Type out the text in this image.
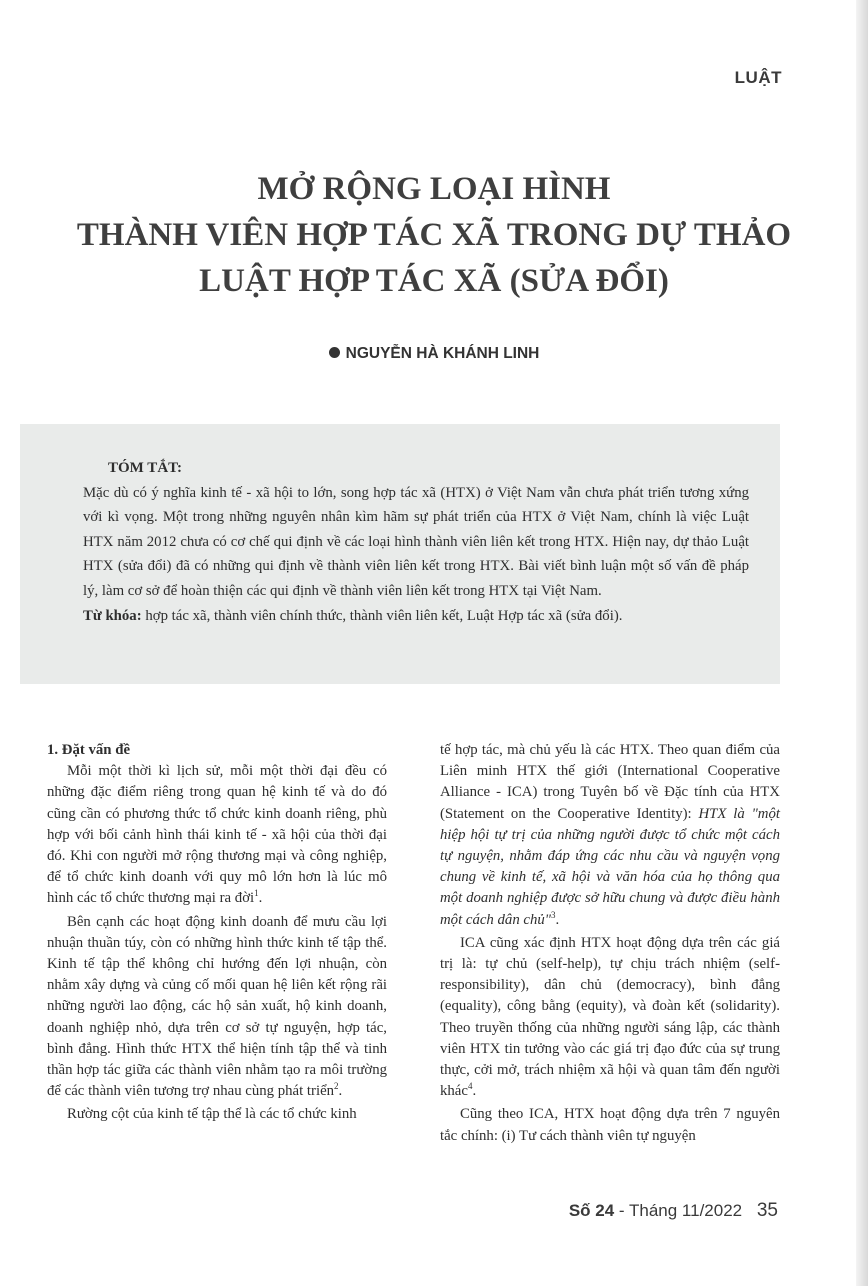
LUẬT
MỞ RỘNG LOẠI HÌNH
THÀNH VIÊN HỢP TÁC XÃ TRONG DỰ THẢO
LUẬT HỢP TÁC XÃ (SỬA ĐỔI)
NGUYỄN HÀ KHÁNH LINH
TÓM TẮT:

Mặc dù có ý nghĩa kinh tế - xã hội to lớn, song hợp tác xã (HTX) ở Việt Nam vẫn chưa phát triển tương xứng với kì vọng. Một trong những nguyên nhân kìm hãm sự phát triển của HTX ở Việt Nam, chính là việc Luật HTX năm 2012 chưa có cơ chế qui định về các loại hình thành viên liên kết trong HTX. Hiện nay, dự thảo Luật HTX (sửa đổi) đã có những qui định về thành viên liên kết trong HTX. Bài viết bình luận một số vấn đề pháp lý, làm cơ sở để hoàn thiện các qui định về thành viên liên kết trong HTX tại Việt Nam.

Từ khóa: hợp tác xã, thành viên chính thức, thành viên liên kết, Luật Hợp tác xã (sửa đổi).

1. Đặt vấn đề

Mỗi một thời kì lịch sử, mỗi một thời đại đều có những đặc điểm riêng trong quan hệ kinh tế và do đó cũng cần có phương thức tổ chức kinh doanh riêng, phù hợp với bối cảnh hình thái kinh tế - xã hội của thời đại đó. Khi con người mở rộng thương mại và công nghiệp, để tổ chức kinh doanh với quy mô lớn hơn là lúc mô hình các tổ chức thương mại ra đời$^1$.

Bên cạnh các hoạt động kinh doanh để mưu cầu lợi nhuận thuần túy, còn có những hình thức kinh tế tập thể. Kinh tế tập thể không chỉ hướng đến lợi nhuận, còn nhằm xây dựng và củng cố mối quan hệ liên kết rộng rãi những người lao động, các hộ sản xuất, hộ kinh doanh, doanh nghiệp nhỏ, dựa trên cơ sở tự nguyện, hợp tác, bình đẳng. Hình thức HTX thể hiện tính tập thể và tinh thần hợp tác giữa các thành viên nhằm tạo ra môi trường để các thành viên tương trợ nhau cùng phát triển$^2$.

Rường cột của kinh tế tập thể là các tổ chức kinh

tế hợp tác, mà chủ yếu là các HTX. Theo quan điểm của Liên minh HTX thế giới (International Cooperative Alliance - ICA) trong Tuyên bố về Đặc tính của HTX (Statement on the Cooperative Identity): HTX là "một hiệp hội tự trị của những người được tổ chức một cách tự nguyện, nhằm đáp ứng các nhu cầu và nguyện vọng chung về kinh tế, xã hội và văn hóa của họ thông qua một doanh nghiệp được sở hữu chung và được điều hành một cách dân chủ"$^3$.

ICA cũng xác định HTX hoạt động dựa trên các giá trị là: tự chủ (self-help), tự chịu trách nhiệm (self-responsibility), dân chủ (democracy), bình đẳng (equality), công bằng (equity), và đoàn kết (solidarity). Theo truyền thống của những người sáng lập, các thành viên HTX tin tưởng vào các giá trị đạo đức của sự trung thực, cởi mở, trách nhiệm xã hội và quan tâm đến người khác$^4$.

Cũng theo ICA, HTX hoạt động dựa trên 7 nguyên tắc chính: (i) Tư cách thành viên tự nguyện

Số 24 - Tháng 11/2022 35
